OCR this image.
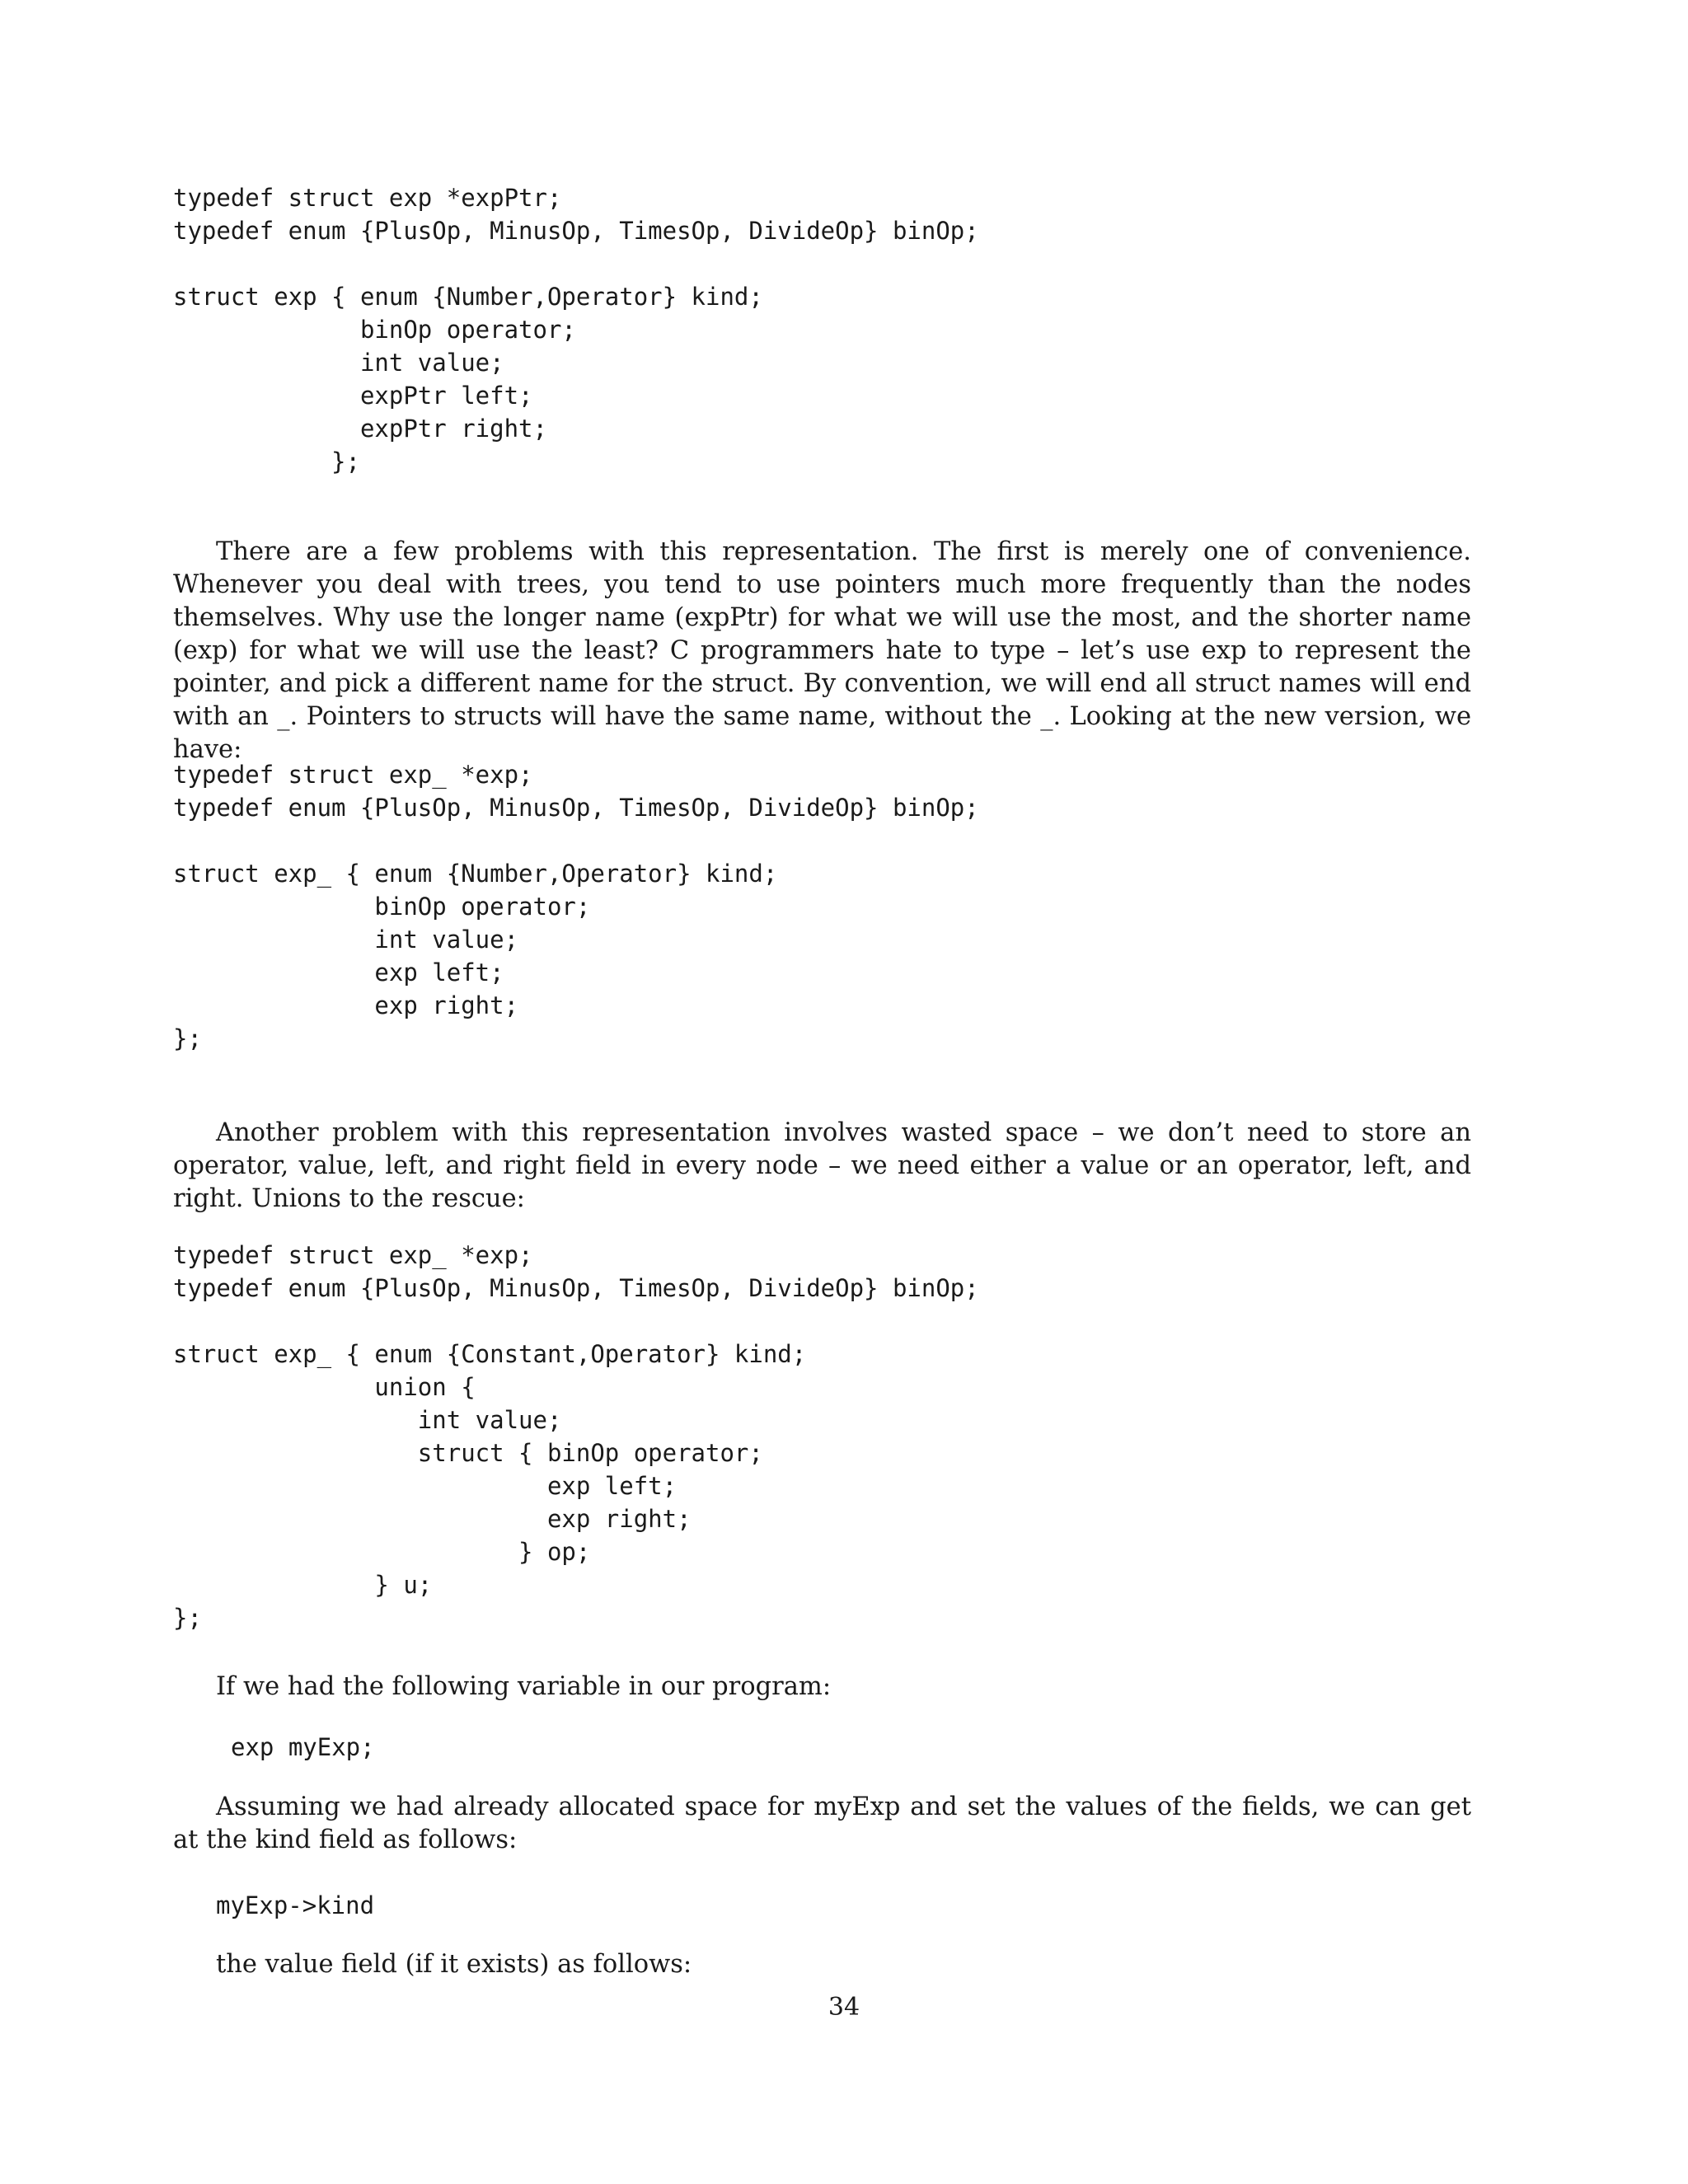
typedef struct exp *expPtr;
typedef enum {PlusOp, MinusOp, TimesOp, DivideOp} binOp;

struct exp { enum {Number,Operator} kind;
binOp operator;
int value;
expPtr left;
expPtr right;
};

There are a few problems with this representation. The first is merely one of convenience. Whenever you deal with trees, you tend to use pointers much more frequently than the nodes themselves. Why use the longer name (expPtr) for what we will use the most, and the shorter name (exp) for what we will use the least? C programmers hate to type – let’s use exp to represent the pointer, and pick a different name for the struct. By convention, we will end all struct names will end with an _. Pointers to structs will have the same name, without the _. Looking at the new version, we have:

typedef struct exp_ *exp;
typedef enum {PlusOp, MinusOp, TimesOp, DivideOp} binOp;

struct exp_ { enum {Number,Operator} kind;
binOp operator;
int value;
exp left;
exp right;
};

Another problem with this representation involves wasted space – we don’t need to store an operator, value, left, and right field in every node – we need either a value or an operator, left, and right. Unions to the rescue:

typedef struct exp_ *exp;
typedef enum {PlusOp, MinusOp, TimesOp, DivideOp} binOp;

struct exp_ { enum {Constant,Operator} kind;
union {
int value;
struct { binOp operator;
exp left;
exp right;
} op;
} u;
};

If we had the following variable in our program:

exp myExp;

Assuming we had already allocated space for myExp and set the values of the fields, we can get at the kind field as follows:

myExp->kind

the value field (if it exists) as follows:

34
